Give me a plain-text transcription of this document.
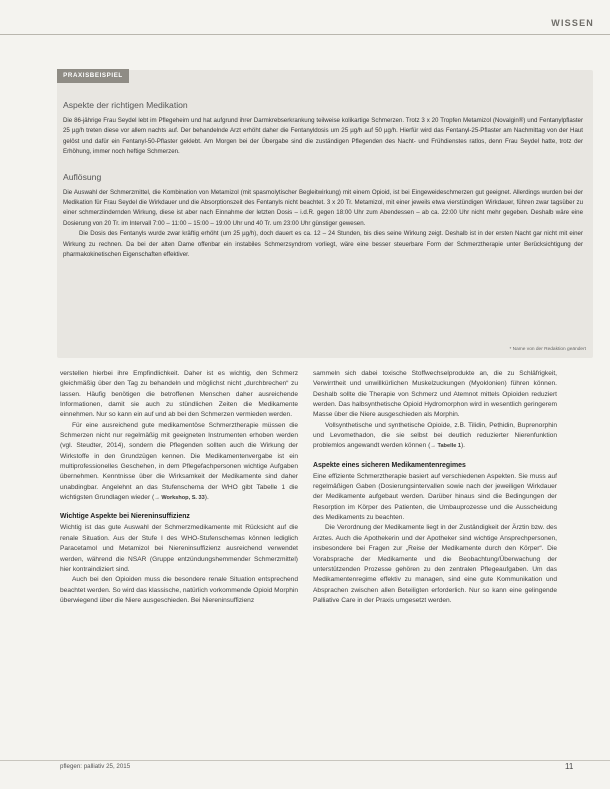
WISSEN
PRAXISBEISPIEL
Aspekte der richtigen Medikation

Die 86-jährige Frau Seydel lebt im Pflegeheim und hat aufgrund ihrer Darmkrebserkrankung teilweise kolikartige Schmerzen. Trotz 3 x 20 Tropfen Metamizol (Novalgin®) und Fentanylpflaster 25 µg/h treten diese vor allem nachts auf. Der behandelnde Arzt erhöht daher die Fentanyldosis um 25 µg/h auf 50 µg/h. Hierfür wird das Fentanyl-25-Pflaster am Nachmittag von der Haut gelöst und dafür ein Fentanyl-50-Pflaster geklebt. Am Morgen bei der Übergabe sind die zuständigen Pflegenden des Nacht- und Frühdienstes ratlos, denn Frau Seydel hatte, trotz der Erhöhung, immer noch heftige Schmerzen.

Auflösung

Die Auswahl der Schmerzmittel, die Kombination von Metamizol (mit spasmolytischer Begleitwirkung) mit einem Opioid, ist bei Eingeweideschmerzen gut geeignet. Allerdings wurden bei der Medikation für Frau Seydel die Wirkdauer und die Absorptionszeit des Fentanyls nicht beachtet. 3 x 20 Tr. Metamizol, mit einer jeweils etwa vierstündigen Wirkdauer, führen zwar tagsüber zu einer schmerzlindernden Wirkung, diese ist aber nach Einnahme der letzten Dosis – i.d.R. gegen 18:00 Uhr zum Abendessen – ab ca. 22:00 Uhr nicht mehr gegeben. Deshalb wäre eine Dosierung von 20 Tr. im Intervall 7:00 – 11:00 – 15:00 – 19:00 Uhr und 40 Tr. um 23:00 Uhr günstiger gewesen.

Die Dosis des Fentanyls wurde zwar kräftig erhöht (um 25 µg/h), doch dauert es ca. 12 – 24 Stunden, bis dies seine Wirkung zeigt. Deshalb ist in der ersten Nacht gar nicht mit einer Wirkung zu rechnen. Da bei der alten Dame offenbar ein instabiles Schmerzsyndrom vorliegt, wäre eine besser steuerbare Form der Schmerztherapie unter Berücksichtigung der pharmakokinetischen Eigenschaften effektiver.

* Name von der Redaktion geändert

verstellen hierbei ihre Empfindlichkeit. Daher ist es wichtig, den Schmerz gleichmäßig über den Tag zu behandeln und möglichst nicht „durchbrechen“ zu lassen. Häufig benötigen die betroffenen Menschen daher ausreichende Informationen, damit sie auch zu stündlichen Zeiten die Medikamente einnehmen. Nur so kann ein auf und ab bei den Schmerzen vermieden werden.

Für eine ausreichend gute medikamentöse Schmerztherapie müssen die Schmerzen nicht nur regelmäßig mit geeigneten Instrumenten erhoben werden (vgl. Steudter, 2014), sondern die Pflegenden sollten auch die Wirkung der Wirkstoffe in den Grundzügen kennen. Die Medikamentenvergabe ist ein multiprofessionelles Geschehen, in dem Pflegefachpersonen wichtige Aufgaben übernehmen. Kenntnisse über die Wirksamkeit der Medikamente sind daher unabdingbar. Angelehnt an das Stufenschema der WHO gibt Tabelle 1 die wichtigsten Grundlagen wieder (→ Workshop, S. 33).

Wichtige Aspekte bei Niereninsuffizienz

Wichtig ist das gute Auswahl der Schmerzmedikamente mit Rücksicht auf die renale Situation. Aus der Stufe I des WHO-Stufenschemas können lediglich Paracetamol und Metamizol bei Niereninsuffizienz ausreichend verwendet werden, während die NSAR (Gruppe entzündungshemmender Schmerzmittel) hier kontraindiziert sind.

Auch bei den Opioiden muss die besondere renale Situation entsprechend beachtet werden. So wird das klassische, natürlich vorkommende Opioid Morphin überwiegend über die Niere ausgeschieden. Bei Niereninsuffizienz

sammeln sich dabei toxische Stoffwechselprodukte an, die zu Schläfrigkeit, Verwirrtheit und unwillkürlichen Muskelzuckungen (Myoklonien) führen können. Deshalb sollte die Therapie von Schmerz und Atemnot mittels Opioiden reduziert werden. Das halbsynthetische Opioid Hydromorphon wird in wesentlich geringerem Masse über die Niere ausgeschieden als Morphin.

Vollsynthetische und synthetische Opioide, z.B. Tilidin, Pethidin, Buprenorphin und Levomethadon, die sie selbst bei deutlich reduzierter Nierenfunktion problemlos angewandt werden können (→ Tabelle 1).

Aspekte eines sicheren Medikamentenregimes

Eine effiziente Schmerztherapie basiert auf verschiedenen Aspekten. Sie muss auf regelmäßigen Gaben (Dosierungsintervallen sowie nach der jeweiligen Wirkdauer der Medikamente aufgebaut werden. Darüber hinaus sind die Bedingungen der Resorption im Körper des Patienten, die Umbauprozesse und die Ausscheidung des Medikaments zu beachten.

Die Verordnung der Medikamente liegt in der Zuständigkeit der Ärztin bzw. des Arztes. Auch die Apothekerin und der Apotheker sind wichtige Ansprechpersonen, insbesondere bei Fragen zur „Reise der Medikamente durch den Körper“. Die Vorabsprache der Medikamente und die Beobachtung/Überwachung der unterstützenden Prozesse gehören zu den zentralen Pflegeaufgaben. Um das Medikamentenregime effektiv zu managen, sind eine gute Kommunikation und Absprachen zwischen allen Beteiligten erforderlich. Nur so kann eine gelingende Palliative Care in der Praxis umgesetzt werden.

pflegen: palliativ 25, 2015	11
